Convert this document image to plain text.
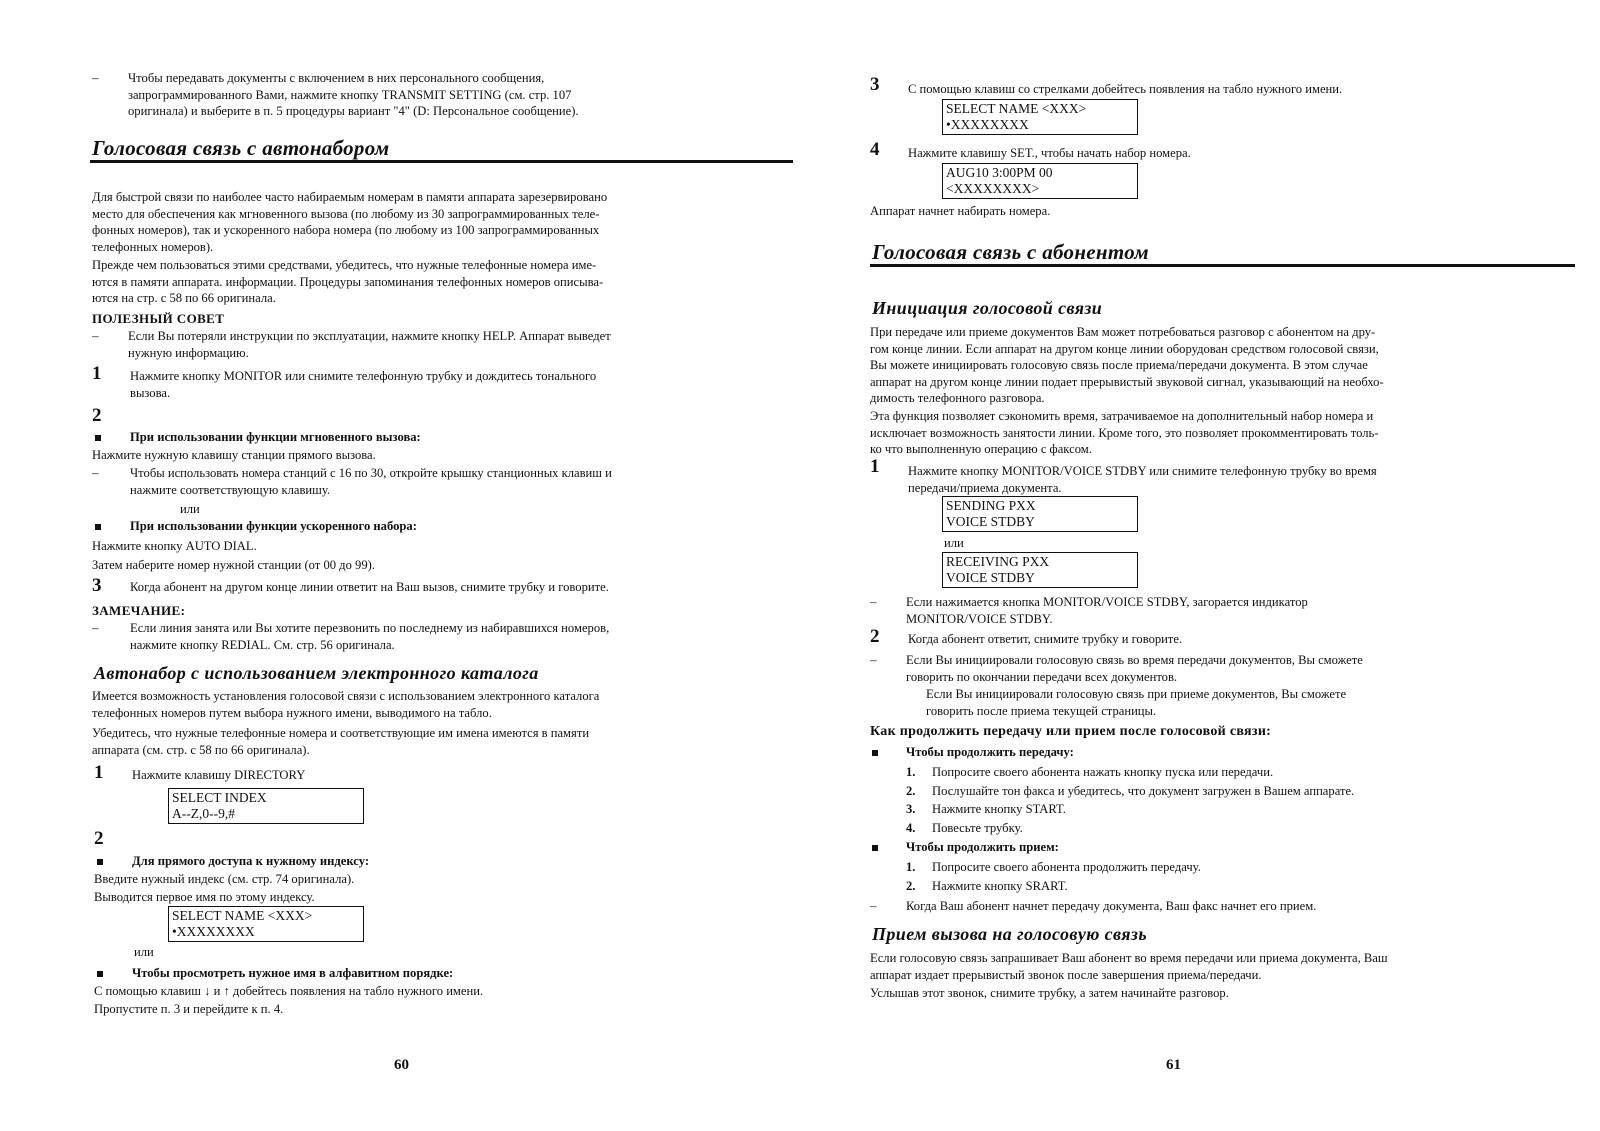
– Чтобы передавать документы с включением в них персонального сообщения,
запрограммированного Вами, нажмите кнопку TRANSMIT SETTING (см. стр. 107
оригинала) и выберите в п. 5 процедуры вариант "4" (D: Персональное сообщение).
Голосовая связь с автонабором
Для быстрой связи по наиболее часто набираемым номерам в памяти аппарата зарезервировано
место для обеспечения как мгновенного вызова (по любому из 30 запрограммированных теле-
фонных номеров), так и ускоренного набора номера (по любому из 100 запрограммированных
телефонных номеров).
Прежде чем пользоваться этими средствами, убедитесь, что нужные телефонные номера име-
ются в памяти аппарата. информации. Процедуры запоминания телефонных номеров описыва-
ются на стр. с 58 по 66 оригинала.
ПОЛЕЗНЫЙ СОВЕТ
– Если Вы потеряли инструкции по эксплуатации, нажмите кнопку HELP. Аппарат выведет
нужную информацию.
1 Нажмите кнопку MONITOR или снимите телефонную трубку и дождитесь тонального
вызова.
2
При использовании функции мгновенного вызова:
Нажмите нужную клавишу станции прямого вызова.
–	Чтобы использовать номера станций с 16 по 30, откройте крышку станционных клавиш и
нажмите соответствующую клавишу.
или
При использовании функции ускоренного набора:
Нажмите кнопку AUTO DIAL.
Затем наберите номер нужной станции (от 00 до 99).
3 Когда абонент на другом конце линии ответит на Ваш вызов, снимите трубку и говорите.
ЗАМЕЧАНИЕ:
–	Если линия занята или Вы хотите перезвонить по последнему из набиравшихся номеров,
нажмите кнопку REDIAL. См. стр. 56 оригинала.
Автонабор с использованием электронного каталога
Имеется возможность установления голосовой связи с использованием электронного каталога
телефонных номеров путем выбора нужного имени, выводимого на табло.
Убедитесь, что нужные телефонные номера и соответствующие им имена имеются в памяти
аппарата (см. стр. с 58 по 66 оригинала).
1 Нажмите клавишу DIRECTORY
SELECT INDEX
A--Z,0--9,#
2
Для прямого доступа к нужному индексу:
Введите нужный индекс (см. стр. 74 оригинала).
Выводится первое имя по этому индексу.
SELECT NAME <XXX>
•XXXXXXXX
или
Чтобы просмотреть нужное имя в алфавитном порядке:
С помощью клавиш ↓ и ↑ добейтесь появления на табло нужного имени.
Пропустите п. 3 и перейдите к п. 4.
60
3 С помощью клавиш со стрелками добейтесь появления на табло нужного имени.
SELECT NAME <XXX>
•XXXXXXXX
4 Нажмите клавишу SET., чтобы начать набор номера.
AUG10 3:00PM 00
<XXXXXXXX>
Аппарат начнет набирать номера.
Голосовая связь с абонентом
Инициация голосовой связи
При передаче или приеме документов Вам может потребоваться разговор с абонентом на дру-
гом конце линии. Если аппарат на другом конце линии оборудован средством голосовой связи,
Вы можете инициировать голосовую связь после приема/передачи документа. В этом случае
аппарат на другом конце линии подает прерывистый звуковой сигнал, указывающий на необхо-
димость телефонного разговора.
Эта функция позволяет сэкономить время, затрачиваемое на дополнительный набор номера и
исключает возможность занятости линии. Кроме того, это позволяет прокомментировать толь-
ко что выполненную операцию с факсом.
1 Нажмите кнопку MONITOR/VOICE STDBY или снимите телефонную трубку во время
передачи/приема документа.
SENDING PXX
VOICE STDBY
или
RECEIVING PXX
VOICE STDBY
– Если нажимается кнопка MONITOR/VOICE STDBY, загорается индикатор
MONITOR/VOICE STDBY.
2 Когда абонент ответит, снимите трубку и говорите.
– Если Вы инициировали голосовую связь во время передачи документов, Вы сможете
говорить по окончании передачи всех документов.
Если Вы инициировали голосовую связь при приеме документов, Вы сможете
говорить после приема текущей страницы.
Как продолжить передачу или прием после голосовой связи:
Чтобы продолжить передачу:
1. Попросите своего абонента нажать кнопку пуска или передачи.
2. Послушайте тон факса и убедитесь, что документ загружен в Вашем аппарате.
3. Нажмите кнопку START.
4. Повесьте трубку.
Чтобы продолжить прием:
1. Попросите своего абонента продолжить передачу.
2. Нажмите кнопку SRART.
– Когда Ваш абонент начнет передачу документа, Ваш факс начнет его прием.
Прием вызова на голосовую связь
Если голосовую связь запрашивает Ваш абонент во время передачи или приема документа, Ваш
аппарат издает прерывистый звонок после завершения приема/передачи.
Услышав этот звонок, снимите трубку, а затем начинайте разговор.
61
